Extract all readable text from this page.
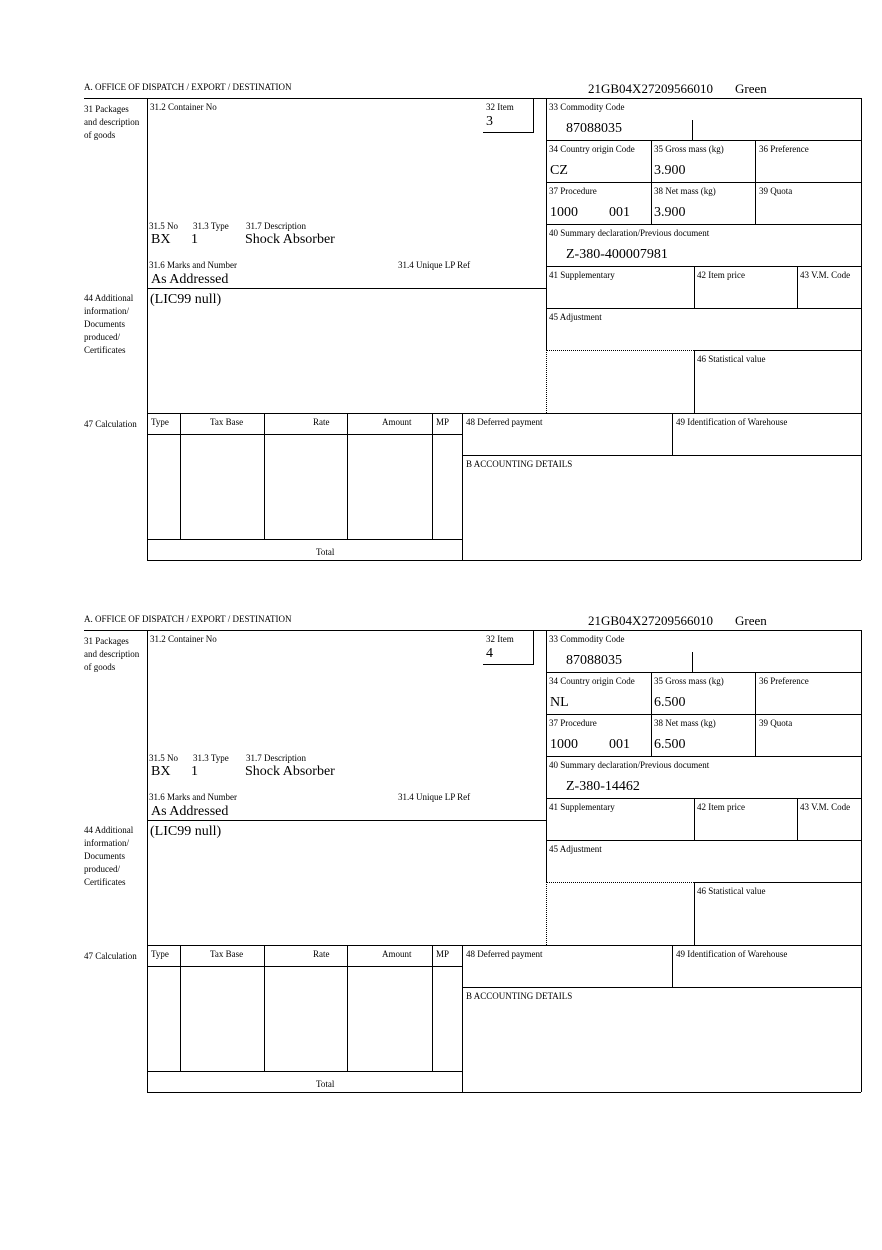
A. OFFICE OF DISPATCH / EXPORT / DESTINATION	21GB04X27209566010 Green
31 Packages and description of goods
44 Additional information/ Documents produced/ Certificates
47 Calculation
31.2 Container No	32 Item
3
31.5 No 31.3 Type 31.7 Description
BX 1	Shock Absorber
31.6 Marks and Number	31.4 Unique LP Ref
As Addressed
33 Commodity Code
87088035
34 Country origin Code
CZ
35 Gross mass (kg)
3.900
36 Preference
37 Procedure
1000 001
38 Net mass (kg)
3.900
39 Quota
40 Summary declaration/Previous document
Z-380-400007981
41 Supplementary	42 Item price	43 V.M. Code
45 Adjustment
46 Statistical value
(LIC99 null)
Type	Tax Base	Rate	Amount	MP
Total
48 Deferred payment	49 Identification of Warehouse
B ACCOUNTING DETAILS
A. OFFICE OF DISPATCH / EXPORT / DESTINATION	21GB04X27209566010 Green
31 Packages and description of goods
44 Additional information/ Documents produced/ Certificates
47 Calculation
31.2 Container No	32 Item
4
31.5 No 31.3 Type 31.7 Description
BX 1	Shock Absorber
31.6 Marks and Number	31.4 Unique LP Ref
As Addressed
33 Commodity Code
87088035
34 Country origin Code
NL
35 Gross mass (kg)
6.500
36 Preference
37 Procedure
1000 001
38 Net mass (kg)
6.500
39 Quota
40 Summary declaration/Previous document
Z-380-14462
41 Supplementary	42 Item price	43 V.M. Code
45 Adjustment
46 Statistical value
(LIC99 null)
Type	Tax Base	Rate	Amount	MP
Total
48 Deferred payment	49 Identification of Warehouse
B ACCOUNTING DETAILS
